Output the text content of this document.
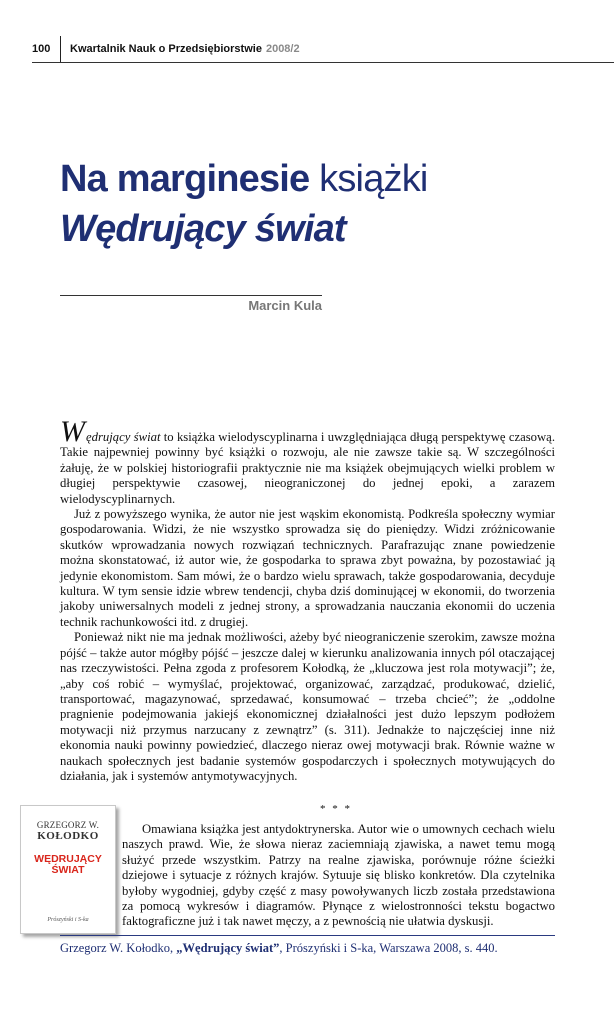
100 Kwartalnik Nauk o Przedsiębiorstwie 2008/2
Na marginesie książki
Wędrujący świat
Marcin Kula

Wędrujący świat to książka wielodyscyplinarna i uwzględniająca długą perspektywę czasową. Takie najpewniej powinny być książki o rozwoju, ale nie zawsze takie są. W szczególności żałuję, że w polskiej historiografii praktycznie nie ma książek obejmujących wielki problem w długiej perspektywie czasowej, nieograniczonej do jednej epoki, a zarazem wielodyscyplinarnych.

Już z powyższego wynika, że autor nie jest wąskim ekonomistą. Podkreśla społeczny wymiar gospodarowania. Widzi, że nie wszystko sprowadza się do pieniędzy. Widzi zróżnicowanie skutków wprowadzania nowych rozwiązań technicznych. Parafrazując znane powiedzenie można skonstatować, iż autor wie, że gospodarka to sprawa zbyt poważna, by pozostawiać ją jedynie ekonomistom. Sam mówi, że o bardzo wielu sprawach, także gospodarowania, decyduje kultura. W tym sensie idzie wbrew tendencji, chyba dziś dominującej w ekonomii, do tworzenia jakoby uniwersalnych modeli z jednej strony, a sprowadzania nauczania ekonomii do uczenia technik rachunkowości itd. z drugiej.

Ponieważ nikt nie ma jednak możliwości, ażeby być nieograniczenie szerokim, zawsze można pójść – także autor mógłby pójść – jeszcze dalej w kierunku analizowania innych pól otaczającej nas rzeczywistości. Pełna zgoda z profesorem Kołodką, że „kluczowa jest rola motywacji”; że, „aby coś robić – wymyślać, projektować, organizować, zarządzać, produkować, dzielić, transportować, magazynować, sprzedawać, konsumować – trzeba chcieć”; że „oddolne pragnienie podejmowania jakiejś ekonomicznej działalności jest dużo lepszym podłożem motywacji niż przymus narzucany z zewnątrz” (s. 311). Jednakże to najczęściej inne niż ekonomia nauki powinny powiedzieć, dlaczego nieraz owej motywacji brak. Równie ważne w naukach społecznych jest badanie systemów gospodarczych i społecznych motywujących do działania, jak i systemów antymotywacyjnych.

* * *

Omawiana książka jest antydoktrynerska. Autor wie o umownych cechach wielu naszych prawd. Wie, że słowa nieraz zaciemniają zjawiska, a nawet temu mogą służyć przede wszystkim. Patrzy na realne zjawiska, porównuje różne ścieżki dziejowe i sytuacje z różnych krajów. Sytuuje się blisko konkretów. Dla czytelnika byłoby wygodniej, gdyby część z masy powoływanych liczb została przedstawiona za pomocą wykresów i diagramów. Płynące z wielostronności tekstu bogactwo faktograficzne już i tak nawet męczy, a z pewnością nie ułatwia dyskusji.

GRZEGORZ W.
KOŁODKO
WĘDRUJĄCY
ŚWIAT
Prószyński i S-ka
Grzegorz W. Kołodko, „Wędrujący świat”, Prószyński i S-ka, Warszawa 2008, s. 440.
